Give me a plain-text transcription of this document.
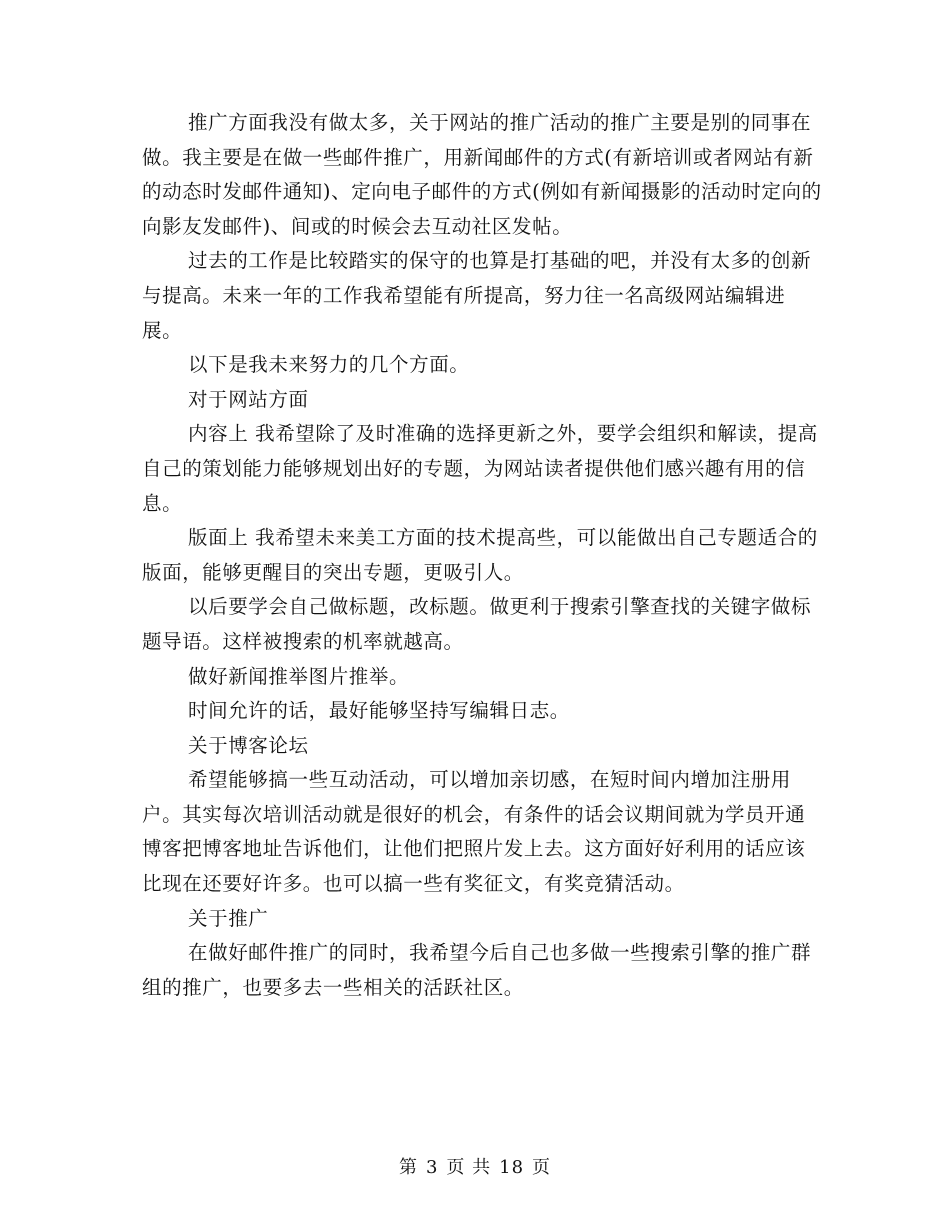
推广方面我没有做太多，关于网站的推广活动的推广主要是别的同事在做。我主要是在做一些邮件推广，用新闻邮件的方式(有新培训或者网站有新的动态时发邮件通知)、定向电子邮件的方式(例如有新闻摄影的活动时定向的向影友发邮件)、间或的时候会去互动社区发帖。

过去的工作是比较踏实的保守的也算是打基础的吧，并没有太多的创新与提高。未来一年的工作我希望能有所提高，努力往一名高级网站编辑进展。

以下是我未来努力的几个方面。

对于网站方面

内容上 我希望除了及时准确的选择更新之外，要学会组织和解读，提高自己的策划能力能够规划出好的专题，为网站读者提供他们感兴趣有用的信息。

版面上 我希望未来美工方面的技术提高些，可以能做出自己专题适合的版面，能够更醒目的突出专题，更吸引人。

以后要学会自己做标题，改标题。做更利于搜索引擎查找的关键字做标题导语。这样被搜索的机率就越高。

做好新闻推举图片推举。

时间允许的话，最好能够坚持写编辑日志。

关于博客论坛

希望能够搞一些互动活动，可以增加亲切感，在短时间内增加注册用户。其实每次培训活动就是很好的机会，有条件的话会议期间就为学员开通博客把博客地址告诉他们，让他们把照片发上去。这方面好好利用的话应该比现在还要好许多。也可以搞一些有奖征文，有奖竞猜活动。

关于推广

在做好邮件推广的同时，我希望今后自己也多做一些搜索引擎的推广群组的推广，也要多去一些相关的活跃社区。

第 3 页 共 18 页
